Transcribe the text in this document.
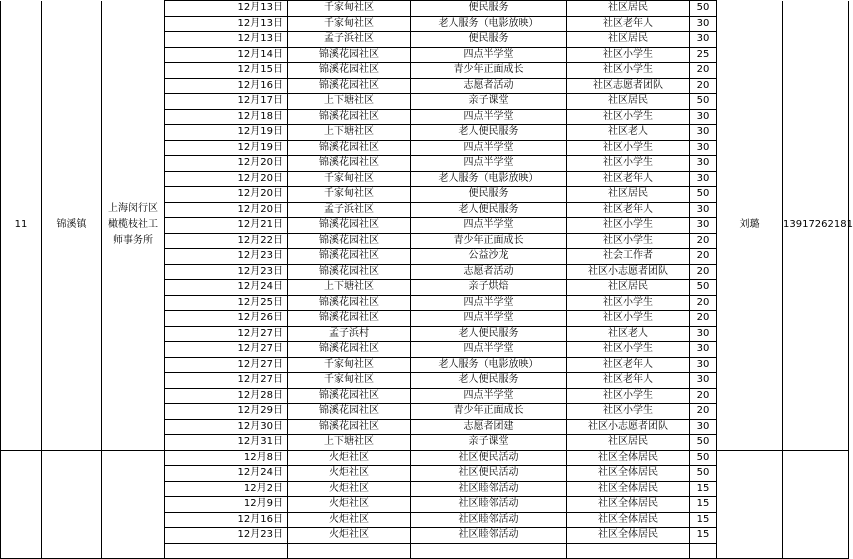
11	锦溪镇	上海闵行区橄榄枝社工师事务所	12月13日	千家甸社区	便民服务	社区居民	50	刘璐	13917262181
			12月13日	千家甸社区	老人服务（电影放映）	社区老年人	30		
			12月13日	孟子浜社区	便民服务	社区居民	30		
			12月14日	锦溪花园社区	四点半学堂	社区小学生	25		
			12月15日	锦溪花园社区	青少年正面成长	社区小学生	20		
			12月16日	锦溪花园社区	志愿者活动	社区志愿者团队	20		
			12月17日	上下塘社区	亲子课堂	社区居民	50		
			12月18日	锦溪花园社区	四点半学堂	社区小学生	30		
			12月19日	上下塘社区	老人便民服务	社区老人	30		
			12月19日	锦溪花园社区	四点半学堂	社区小学生	30		
			12月20日	锦溪花园社区	四点半学堂	社区小学生	30		
			12月20日	千家甸社区	老人服务（电影放映）	社区老年人	30		
			12月20日	千家甸社区	便民服务	社区居民	50		
			12月20日	孟子浜社区	老人便民服务	社区老年人	30		
			12月21日	锦溪花园社区	四点半学堂	社区小学生	30		
			12月22日	锦溪花园社区	青少年正面成长	社区小学生	20		
			12月23日	锦溪花园社区	公益沙龙	社会工作者	20		
			12月23日	锦溪花园社区	志愿者活动	社区小志愿者团队	20		
			12月24日	上下塘社区	亲子烘焙	社区居民	50		
			12月25日	锦溪花园社区	四点半学堂	社区小学生	20		
			12月26日	锦溪花园社区	四点半学堂	社区小学生	20		
			12月27日	孟子浜村	老人便民服务	社区老人	30		
			12月27日	锦溪花园社区	四点半学堂	社区小学生	30		
			12月27日	千家甸社区	老人服务（电影放映）	社区老年人	30		
			12月27日	千家甸社区	老人便民服务	社区老年人	30		
			12月28日	锦溪花园社区	四点半学堂	社区小学生	20		
			12月29日	锦溪花园社区	青少年正面成长	社区小学生	20		
			12月30日	锦溪花园社区	志愿者团建	社区小志愿者团队	30		
			12月31日	上下塘社区	亲子课堂	社区居民	50		
			12月8日	火炬社区	社区便民活动	社区全体居民	50		
			12月24日	火炬社区	社区便民活动	社区全体居民	50		
			12月2日	火炬社区	社区睦邻活动	社区全体居民	15		
			12月9日	火炬社区	社区睦邻活动	社区全体居民	15		
			12月16日	火炬社区	社区睦邻活动	社区全体居民	15		
			12月23日	火炬社区	社区睦邻活动	社区全体居民	15		
